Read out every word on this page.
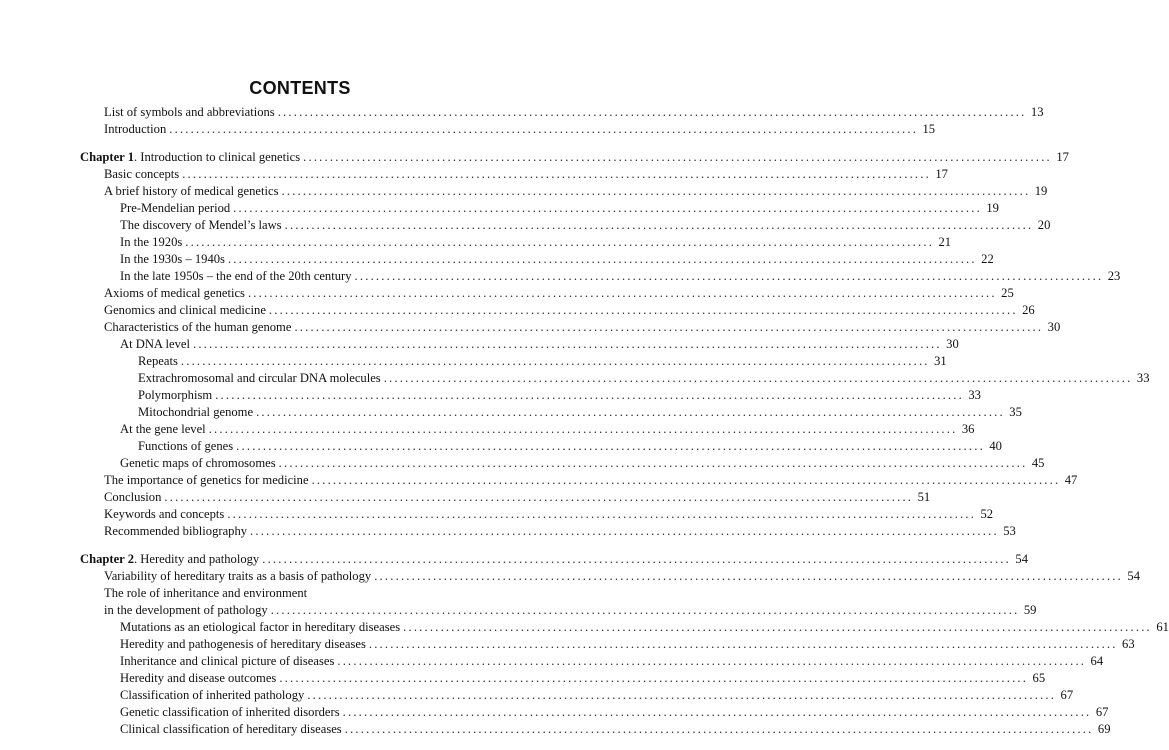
CONTENTS
List of symbols and abbreviations ............................................................................................................................................ 13
Introduction ............................................................................................................................................ 15
Chapter 1. Introduction to clinical genetics ............................................................................................................................................ 17
Basic concepts ............................................................................................................................................ 17
A brief history of medical genetics ............................................................................................................................................ 19
Pre-Mendelian period ............................................................................................................................................ 19
The discovery of Mendel’s laws ............................................................................................................................................ 20
In the 1920s ............................................................................................................................................ 21
In the 1930s – 1940s ............................................................................................................................................ 22
In the late 1950s – the end of the 20th century ............................................................................................................................................ 23
Axioms of medical genetics ............................................................................................................................................ 25
Genomics and clinical medicine ............................................................................................................................................ 26
Characteristics of the human genome ............................................................................................................................................ 30
At DNA level ............................................................................................................................................ 30
Repeats ............................................................................................................................................ 31
Extrachromosomal and circular DNA molecules ............................................................................................................................................ 33
Polymorphism ............................................................................................................................................ 33
Mitochondrial genome ............................................................................................................................................ 35
At the gene level ............................................................................................................................................ 36
Functions of genes ............................................................................................................................................ 40
Genetic maps of chromosomes ............................................................................................................................................ 45
The importance of genetics for medicine ............................................................................................................................................ 47
Conclusion ............................................................................................................................................ 51
Keywords and concepts ............................................................................................................................................ 52
Recommended bibliography ............................................................................................................................................ 53
Chapter 2. Heredity and pathology ............................................................................................................................................ 54
Variability of hereditary traits as a basis of pathology ............................................................................................................................................ 54
The role of inheritance and environment
in the development of pathology ............................................................................................................................................ 59
Mutations as an etiological factor in hereditary diseases ............................................................................................................................................ 61
Heredity and pathogenesis of hereditary diseases ............................................................................................................................................ 63
Inheritance and clinical picture of diseases ............................................................................................................................................ 64
Heredity and disease outcomes ............................................................................................................................................ 65
Classification of inherited pathology ............................................................................................................................................ 67
Genetic classification of inherited disorders ............................................................................................................................................ 67
Clinical classification of hereditary diseases ............................................................................................................................................ 69
